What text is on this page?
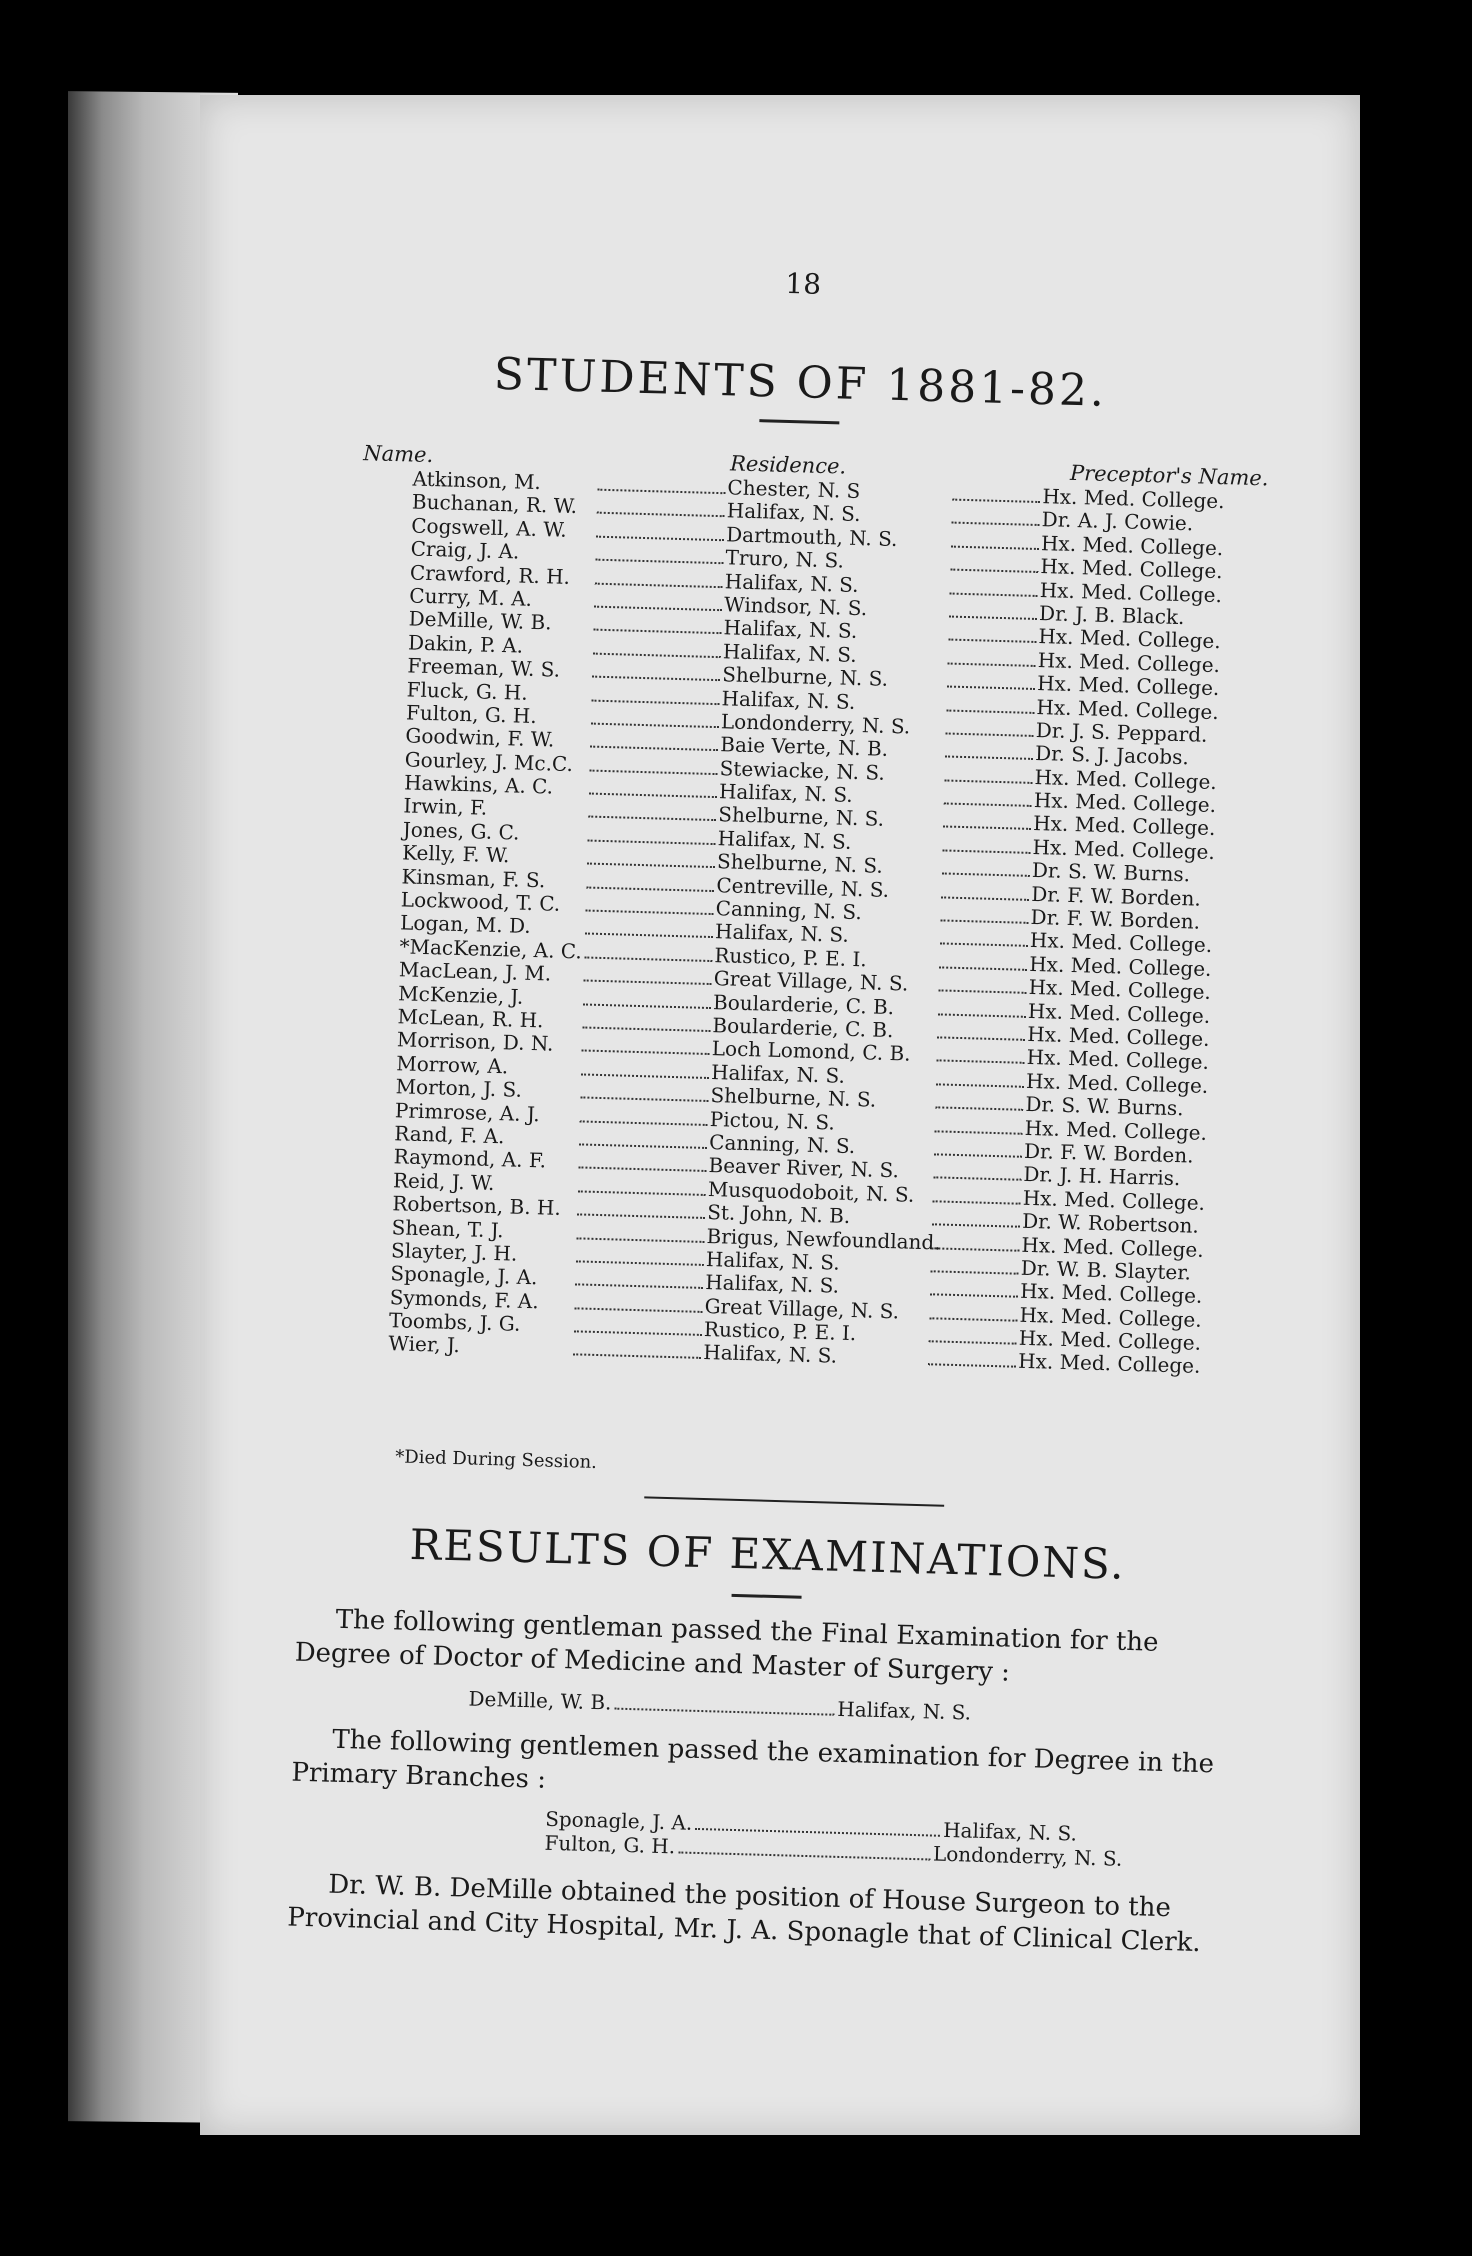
18
STUDENTS OF 1881-82.
Name.	Residence.	Preceptor's Name.
Atkinson, M.	Chester, N. S	Hx. Med. College.
Buchanan, R. W.	Halifax, N. S.	Dr. A. J. Cowie.
Cogswell, A. W.	Dartmouth, N. S.	Hx. Med. College.
Craig, J. A.	Truro, N. S.	Hx. Med. College.
Crawford, R. H.	Halifax, N. S.	Hx. Med. College.
Curry, M. A.	Windsor, N. S.	Dr. J. B. Black.
DeMille, W. B.	Halifax, N. S.	Hx. Med. College.
Dakin, P. A.	Halifax, N. S.	Hx. Med. College.
Freeman, W. S.	Shelburne, N. S.	Hx. Med. College.
Fluck, G. H.	Halifax, N. S.	Hx. Med. College.
Fulton, G. H.	Londonderry, N. S.	Dr. J. S. Peppard.
Goodwin, F. W.	Baie Verte, N. B.	Dr. S. J. Jacobs.
Gourley, J. Mc.C.	Stewiacke, N. S.	Hx. Med. College.
Hawkins, A. C.	Halifax, N. S.	Hx. Med. College.
Irwin, F.	Shelburne, N. S.	Hx. Med. College.
Jones, G. C.	Halifax, N. S.	Hx. Med. College.
Kelly, F. W.	Shelburne, N. S.	Dr. S. W. Burns.
Kinsman, F. S.	Centreville, N. S.	Dr. F. W. Borden.
Lockwood, T. C.	Canning, N. S.	Dr. F. W. Borden.
Logan, M. D.	Halifax, N. S.	Hx. Med. College.
*MacKenzie, A. C.	Rustico, P. E. I.	Hx. Med. College.
MacLean, J. M.	Great Village, N. S.	Hx. Med. College.
McKenzie, J.	Boularderie, C. B.	Hx. Med. College.
McLean, R. H.	Boularderie, C. B.	Hx. Med. College.
Morrison, D. N.	Loch Lomond, C. B.	Hx. Med. College.
Morrow, A.	Halifax, N. S.	Hx. Med. College.
Morton, J. S.	Shelburne, N. S.	Dr. S. W. Burns.
Primrose, A. J.	Pictou, N. S.	Hx. Med. College.
Rand, F. A.	Canning, N. S.	Dr. F. W. Borden.
Raymond, A. F.	Beaver River, N. S.	Dr. J. H. Harris.
Reid, J. W.	Musquodoboit, N. S.	Hx. Med. College.
Robertson, B. H.	St. John, N. B.	Dr. W. Robertson.
Shean, T. J.	Brigus, Newfoundland.	Hx. Med. College.
Slayter, J. H.	Halifax, N. S.	Dr. W. B. Slayter.
Sponagle, J. A.	Halifax, N. S.	Hx. Med. College.
Symonds, F. A.	Great Village, N. S.	Hx. Med. College.
Toombs, J. G.	Rustico, P. E. I.	Hx. Med. College.
Wier, J.	Halifax, N. S.	Hx. Med. College.
*Died During Session.
RESULTS OF EXAMINATIONS.
The following gentleman passed the Final Examination for the Degree of Doctor of Medicine and Master of Surgery :
DeMille, W. B.	Halifax, N. S.
The following gentlemen passed the examination for Degree in the Primary Branches :
Sponagle, J. A.	Halifax, N. S.
Fulton, G. H.	Londonderry, N. S.
Dr. W. B. DeMille obtained the position of House Surgeon to the Provincial and City Hospital, Mr. J. A. Sponagle that of Clinical Clerk.
